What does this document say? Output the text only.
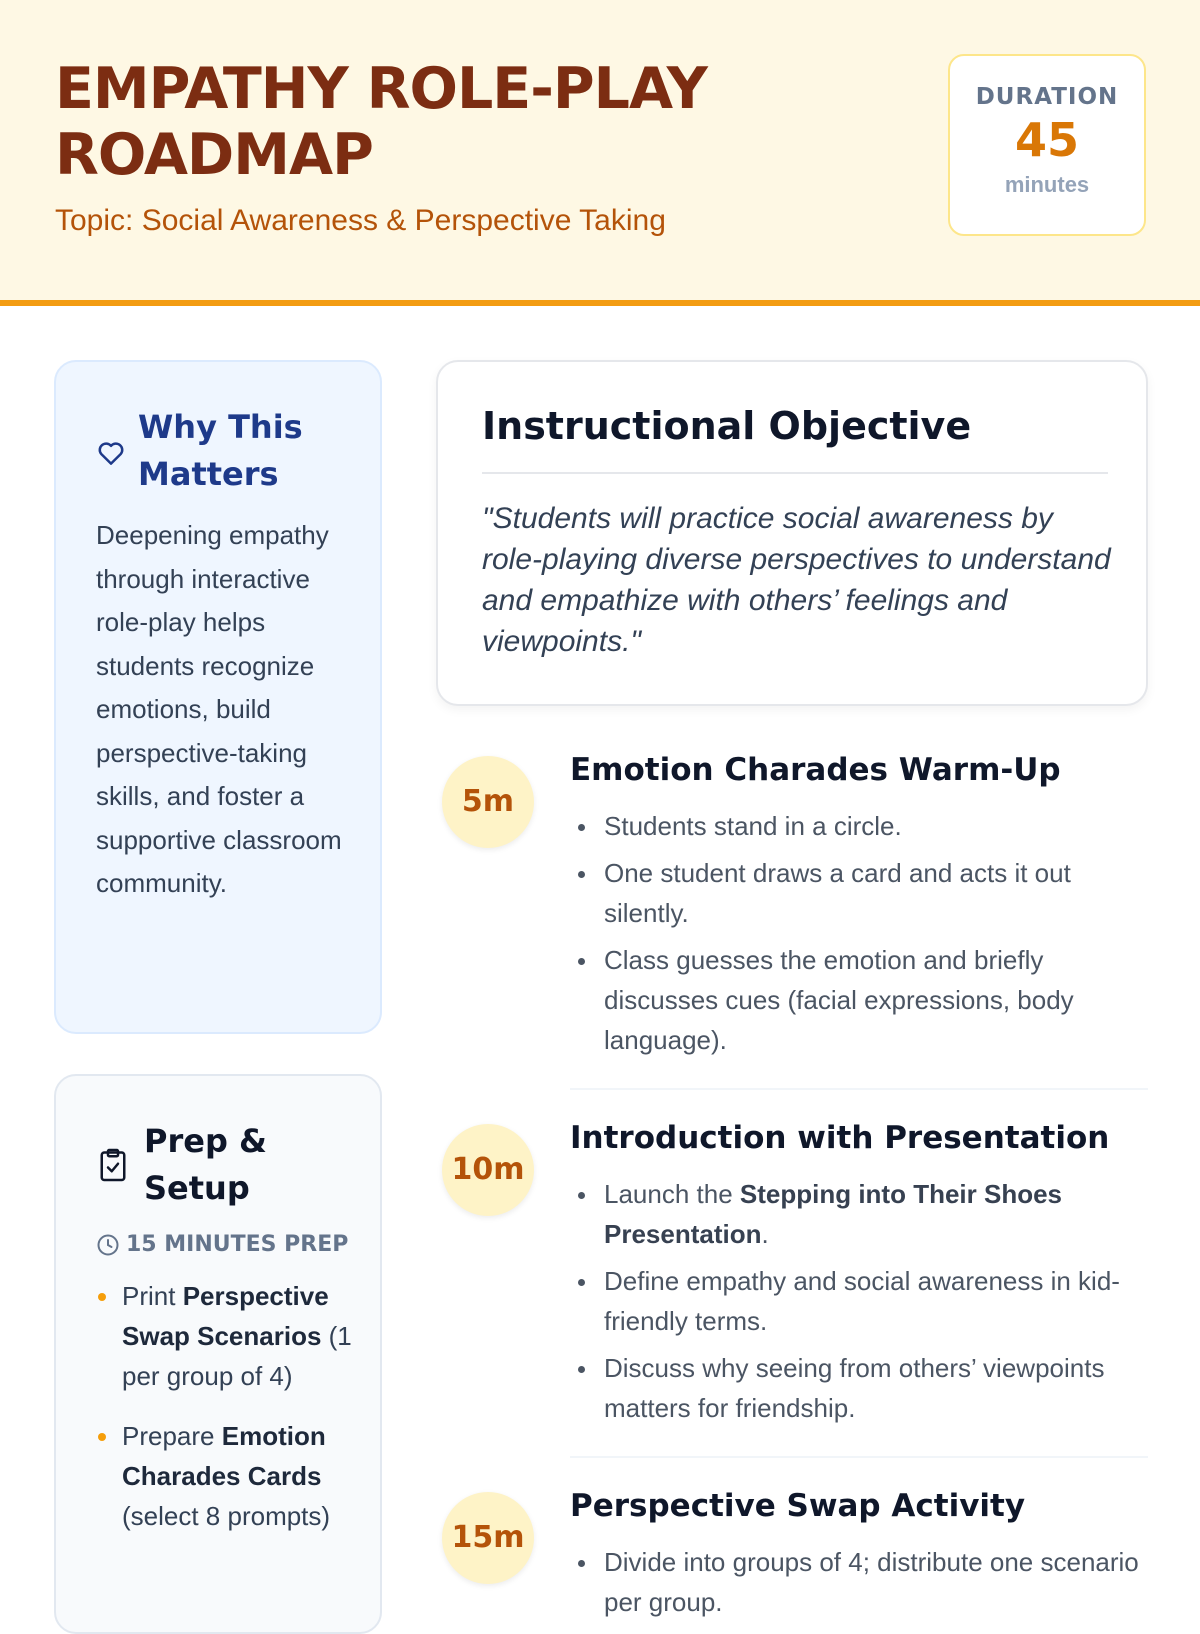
EMPATHY ROLE-PLAY ROADMAP
Topic: Social Awareness & Perspective Taking
DURATION
45
minutes
Why This Matters

Deepening empathy through interactive role-play helps students recognize emotions, build perspective-taking skills, and foster a supportive classroom community.

Prep & Setup
15 MINUTES PREP
Print Perspective Swap Scenarios (1 per group of 4)
Prepare Emotion Charades Cards (select 8 prompts)
Instructional Objective

"Students will practice social awareness by role-playing diverse perspectives to understand and empathize with others’ feelings and viewpoints."

5m
Emotion Charades Warm-Up
Students stand in a circle.
One student draws a card and acts it out silently.
Class guesses the emotion and briefly discusses cues (facial expressions, body language).
10m
Introduction with Presentation
Launch the Stepping into Their Shoes Presentation.
Define empathy and social awareness in kid-friendly terms.
Discuss why seeing from others’ viewpoints matters for friendship.
15m
Perspective Swap Activity
Divide into groups of 4; distribute one scenario per group.
